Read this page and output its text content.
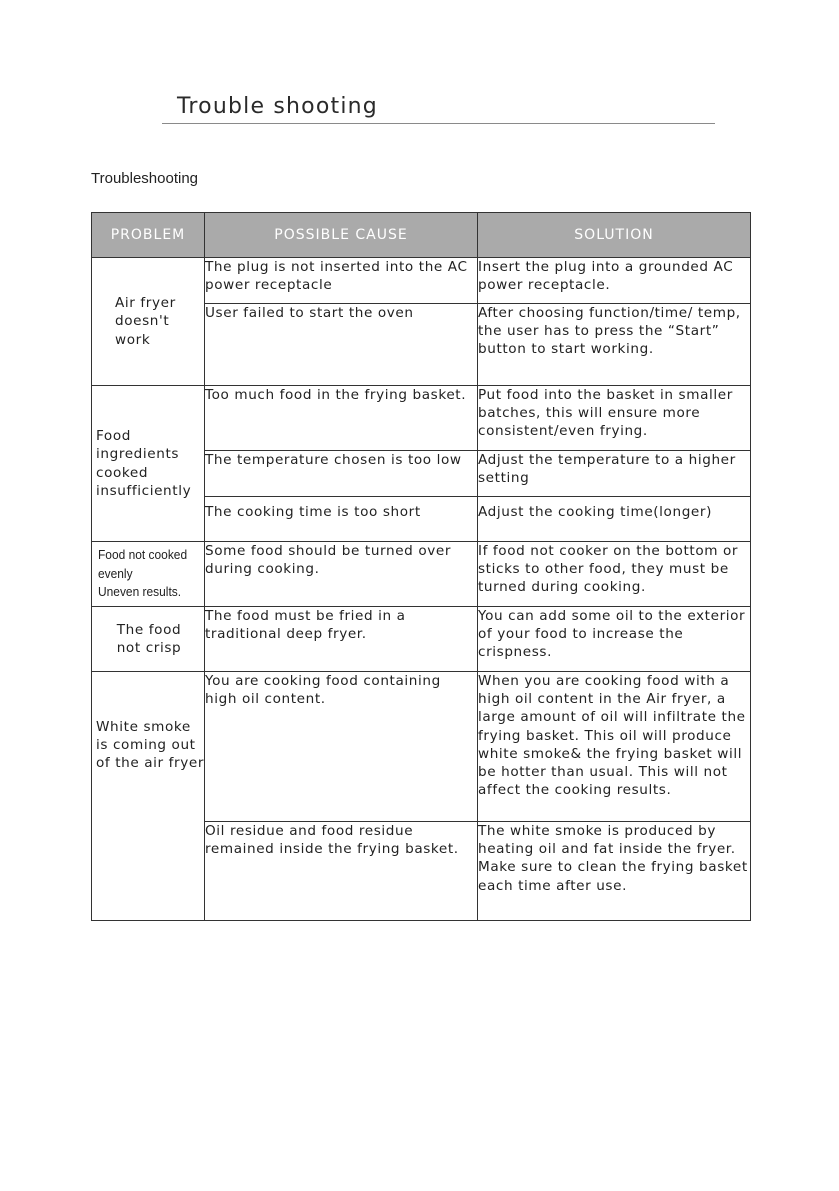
Trouble shooting
Troubleshooting
PROBLEM	POSSIBLE CAUSE	SOLUTION

Air fryer doesn't work	The plug is not inserted into the AC power receptacle	Insert the plug into a grounded AC power receptacle.
	User failed to start the oven	After choosing function/time/ temp, the user has to press the “Start” button to start working.

Food ingredients cooked insufficiently	Too much food in the frying basket.	Put food into the basket in smaller batches, this will ensure more consistent/even frying.
	The temperature chosen is too low	Adjust the temperature to a higher setting
	The cooking time is too short	Adjust the cooking time(longer)
Food not cooked
evenly
Uneven results.	Some food should be turned over during cooking.	If food not cooker on the bottom or sticks to other food, they must be turned during cooking.

The food not crisp	The food must be fried in a traditional deep fryer.	You can add some oil to the exterior of your food to increase the crispness.

White smoke is coming out of the air fryer	You are cooking food containing high oil content.	When you are cooking food with a high oil content in the Air fryer, a large amount of oil will infiltrate the frying basket. This oil will produce white smoke& the frying basket will be hotter than usual. This will not affect the cooking results.
	Oil residue and food residue remained inside the frying basket.	The white smoke is produced by heating oil and fat inside the fryer. Make sure to clean the frying basket each time after use.
